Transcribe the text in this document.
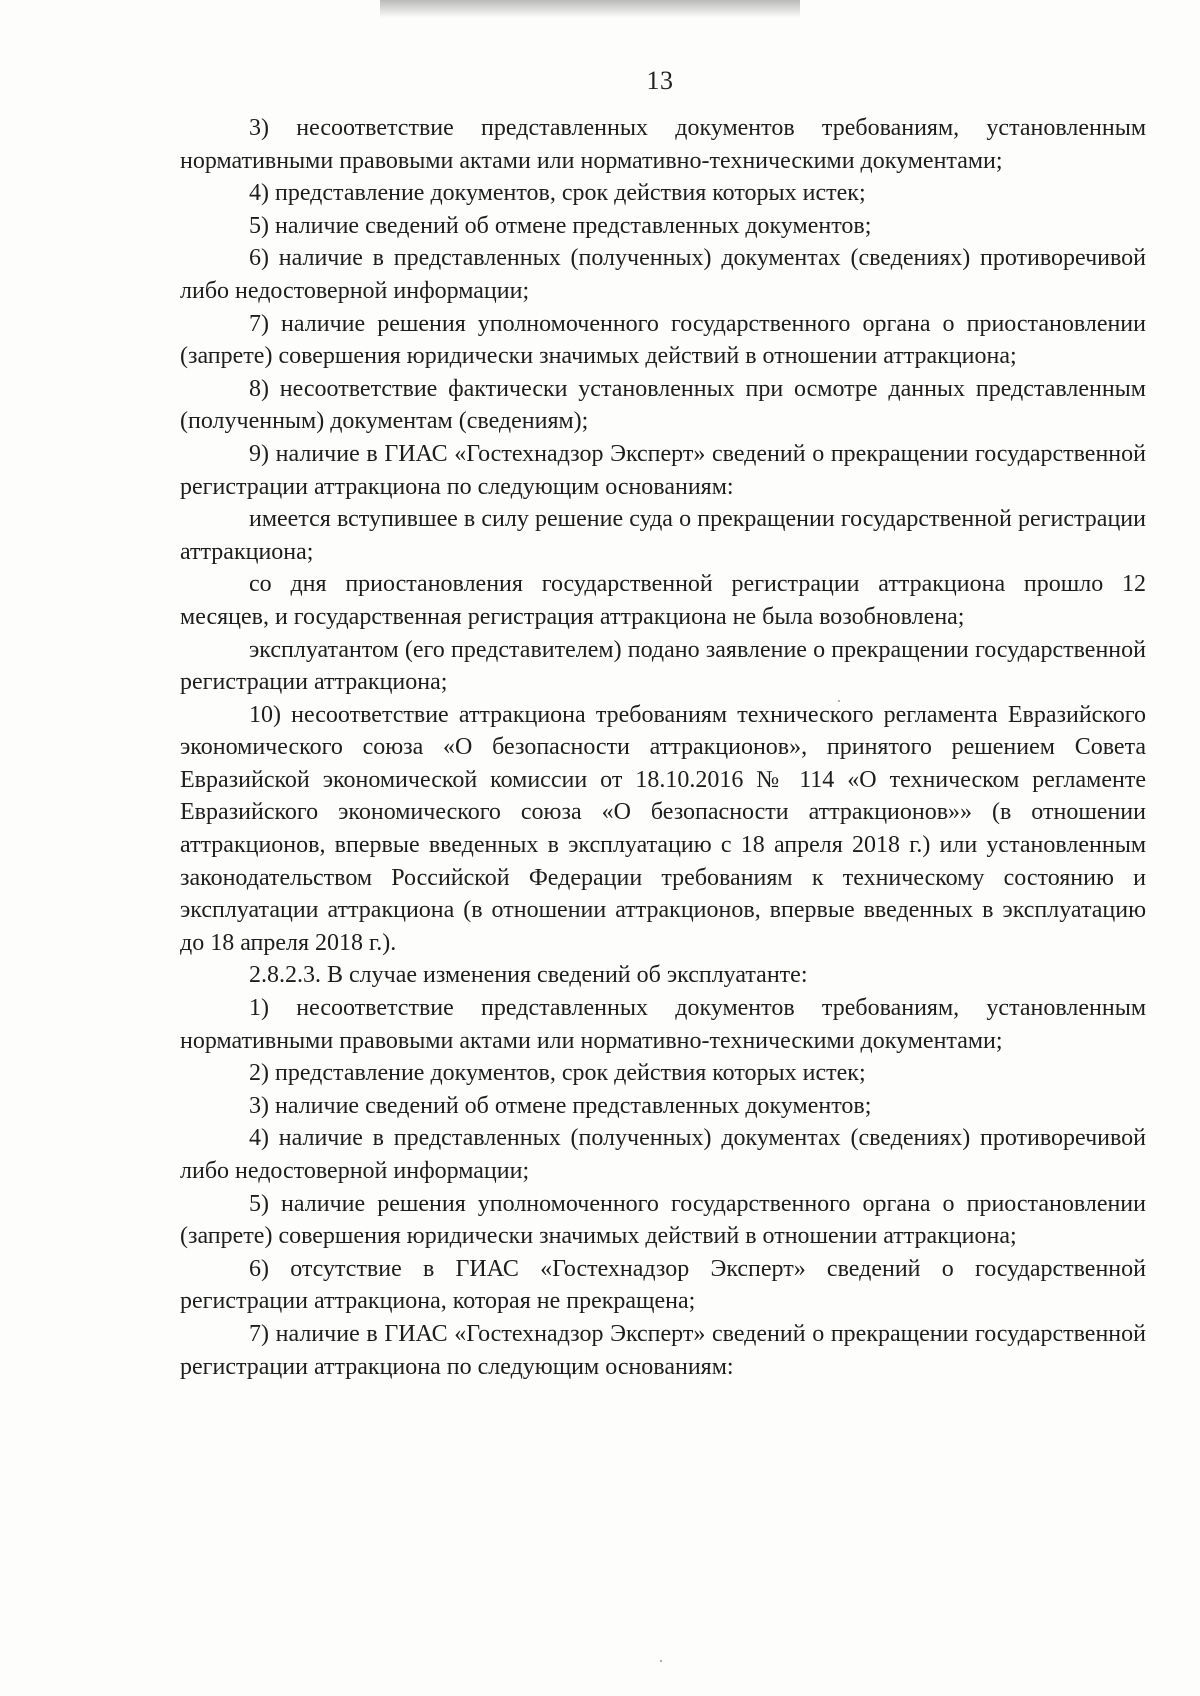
13

3) несоответствие представленных документов требованиям, установленным нормативными правовыми актами или нормативно-техническими документами;

4) представление документов, срок действия которых истек;

5) наличие сведений об отмене представленных документов;

6) наличие в представленных (полученных) документах (сведениях) противоречивой либо недостоверной информации;

7) наличие решения уполномоченного государственного органа о приостановлении (запрете) совершения юридически значимых действий в отношении аттракциона;

8) несоответствие фактически установленных при осмотре данных представленным (полученным) документам (сведениям);

9) наличие в ГИАС «Гостехнадзор Эксперт» сведений о прекращении государственной регистрации аттракциона по следующим основаниям:

имеется вступившее в силу решение суда о прекращении государственной регистрации аттракциона;

со дня приостановления государственной регистрации аттракциона прошло 12 месяцев, и государственная регистрация аттракциона не была возобновлена;

эксплуатантом (его представителем) подано заявление о прекращении государственной регистрации аттракциона;

10) несоответствие аттракциона требованиям технического регламента Евразийского экономического союза «О безопасности аттракционов», принятого решением Совета Евразийской экономической комиссии от 18.10.2016 № 114 «О техническом регламенте Евразийского экономического союза «О безопасности аттракционов»» (в отношении аттракционов, впервые введенных в эксплуатацию с 18 апреля 2018 г.) или установленным законодательством Российской Федерации требованиям к техническому состоянию и эксплуатации аттракциона (в отношении аттракционов, впервые введенных в эксплуатацию до 18 апреля 2018 г.).

2.8.2.3. В случае изменения сведений об эксплуатанте:

1) несоответствие представленных документов требованиям, установленным нормативными правовыми актами или нормативно-техническими документами;

2) представление документов, срок действия которых истек;

3) наличие сведений об отмене представленных документов;

4) наличие в представленных (полученных) документах (сведениях) противоречивой либо недостоверной информации;

5) наличие решения уполномоченного государственного органа о приостановлении (запрете) совершения юридически значимых действий в отношении аттракциона;

6) отсутствие в ГИАС «Гостехнадзор Эксперт» сведений о государственной регистрации аттракциона, которая не прекращена;

7) наличие в ГИАС «Гостехнадзор Эксперт» сведений о прекращении государственной регистрации аттракциона по следующим основаниям:
